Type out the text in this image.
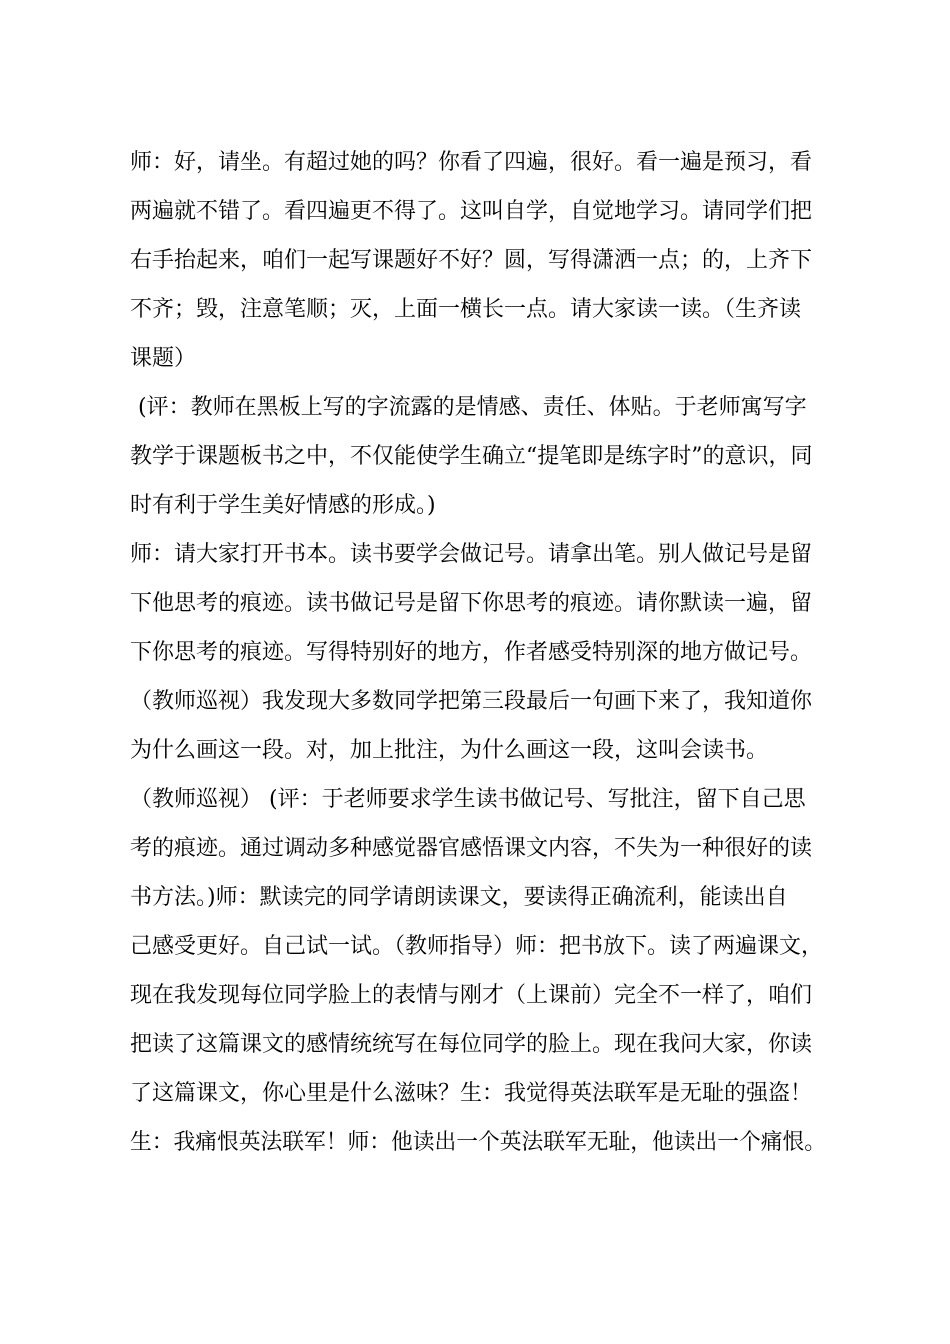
师：好，请坐。有超过她的吗？你看了四遍，很好。看一遍是预习，看
两遍就不错了。看四遍更不得了。这叫自学，自觉地学习。请同学们把
右手抬起来，咱们一起写课题好不好？圆，写得潇洒一点；的，上齐下
不齐；毁，注意笔顺；灭，上面一横长一点。请大家读一读。（生齐读
课题）
(评：教师在黑板上写的字流露的是情感、责任、体贴。于老师寓写字
教学于课题板书之中，不仅能使学生确立“提笔即是练字时”的意识，同
时有利于学生美好情感的形成。)
师：请大家打开书本。读书要学会做记号。请拿出笔。别人做记号是留
下他思考的痕迹。读书做记号是留下你思考的痕迹。请你默读一遍，留
下你思考的痕迹。写得特别好的地方，作者感受特别深的地方做记号。
（教师巡视）我发现大多数同学把第三段最后一句画下来了，我知道你
为什么画这一段。对，加上批注，为什么画这一段，这叫会读书。
（教师巡视） (评：于老师要求学生读书做记号、写批注，留下自己思
考的痕迹。通过调动多种感觉器官感悟课文内容，不失为一种很好的读
书方法。)师：默读完的同学请朗读课文，要读得正确流利，能读出自
己感受更好。自己试一试。（教师指导）师：把书放下。读了两遍课文，
现在我发现每位同学脸上的表情与刚才（上课前）完全不一样了，咱们
把读了这篇课文的感情统统写在每位同学的脸上。现在我问大家，你读
了这篇课文，你心里是什么滋味？生：我觉得英法联军是无耻的强盗！
生：我痛恨英法联军！师：他读出一个英法联军无耻，他读出一个痛恨。
